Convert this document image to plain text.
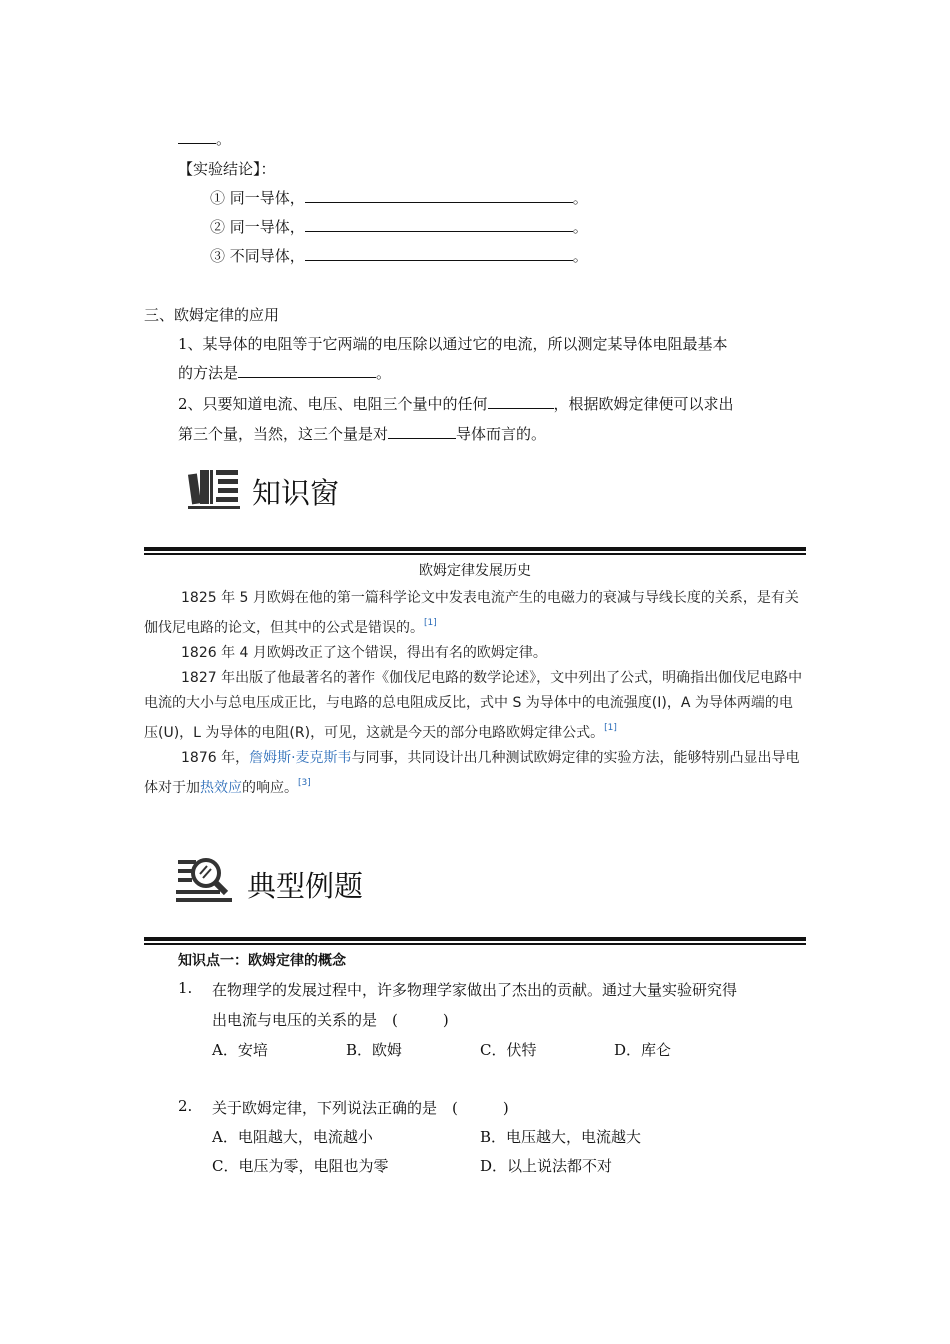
。
【实验结论】：
① 同一导体，	。
② 同一导体，	。
③ 不同导体，	。
三、欧姆定律的应用
1、某导体的电阻等于它两端的电压除以通过它的电流，所以测定某导体电阻最基本
的方法是	。
2、只要知道电流、电压、电阻三个量中的任何	，根据欧姆定律便可以求出
第三个量，当然，这三个量是对	导体而言的。
知识窗
欧姆定律发展历史

1825 年 5 月欧姆在他的第一篇科学论文中发表电流产生的电磁力的衰减与导线长度的关系，是有关伽伐尼电路的论文，但其中的公式是错误的。[1]

1826 年 4 月欧姆改正了这个错误，得出有名的欧姆定律。

1827 年出版了他最著名的著作《伽伐尼电路的数学论述》，文中列出了公式，明确指出伽伐尼电路中电流的大小与总电压成正比，与电路的总电阻成反比，式中 S 为导体中的电流强度(I)，A 为导体两端的电压(U)，L 为导体的电阻(R)，可见，这就是今天的部分电路欧姆定律公式。[1]

1876 年，詹姆斯·麦克斯韦与同事，共同设计出几种测试欧姆定律的实验方法，能够特别凸显出导电体对于加热效应的响应。[3]

典型例题
知识点一：欧姆定律的概念
1. 在物理学的发展过程中，许多物理学家做出了杰出的贡献。通过大量实验研究得
出电流与电压的关系的是　 (　　　)
A．安培	B．欧姆	C．伏特	D．库仑
2. 关于欧姆定律，下列说法正确的是　 (　　　)
A．电阻越大，电流越小	B．电压越大，电流越大
C．电压为零，电阻也为零	D．以上说法都不对
